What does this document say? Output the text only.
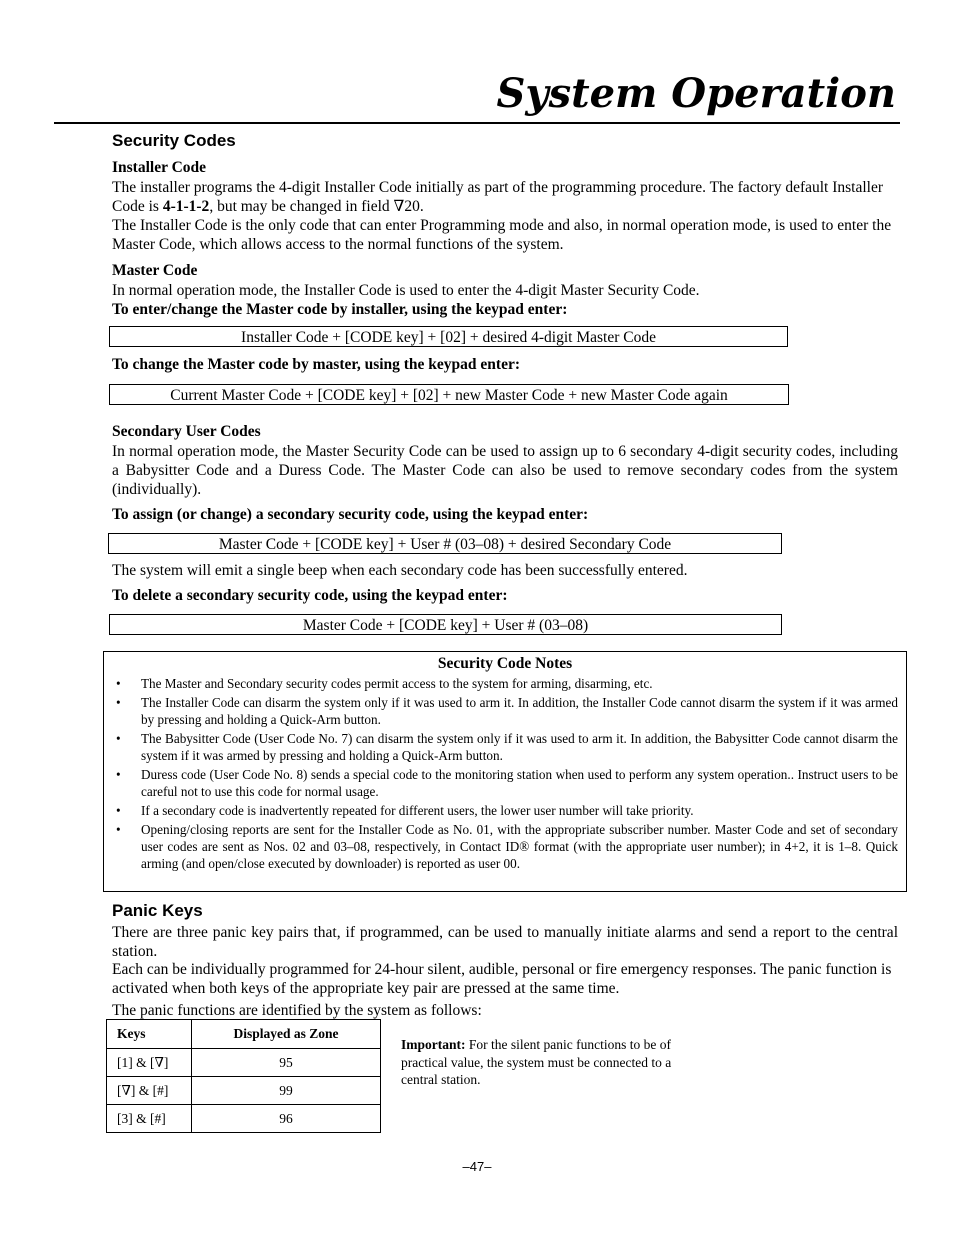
System Operation
Security Codes
Installer Code
The installer programs the 4-digit Installer Code initially as part of the programming procedure. The factory default Installer Code is 4-1-1-2, but may be changed in field ∇20.
The Installer Code is the only code that can enter Programming mode and also, in normal operation mode, is used to enter the Master Code, which allows access to the normal functions of the system.
Master Code
In normal operation mode, the Installer Code is used to enter the 4-digit Master Security Code.
To enter/change the Master code by installer, using the keypad enter:
Installer Code + [CODE key] + [02] + desired 4-digit Master Code
To change the Master code by master, using the keypad enter:
Current Master Code + [CODE key] + [02] + new Master Code + new Master Code again
Secondary User Codes
In normal operation mode, the Master Security Code can be used to assign up to 6 secondary 4-digit security codes, including a Babysitter Code and a Duress Code. The Master Code can also be used to remove secondary codes from the system (individually).
To assign (or change) a secondary security code, using the keypad enter:
Master Code + [CODE key] + User # (03–08) + desired Secondary Code
The system will emit a single beep when each secondary code has been successfully entered.
To delete a secondary security code, using the keypad enter:
Master Code + [CODE key] + User # (03–08)
Security Code Notes
• The Master and Secondary security codes permit access to the system for arming, disarming, etc.
• The Installer Code can disarm the system only if it was used to arm it. In addition, the Installer Code cannot disarm the system if it was armed by pressing and holding a Quick-Arm button.
• The Babysitter Code (User Code No. 7) can disarm the system only if it was used to arm it. In addition, the Babysitter Code cannot disarm the system if it was armed by pressing and holding a Quick-Arm button.
• Duress code (User Code No. 8) sends a special code to the monitoring station when used to perform any system operation.. Instruct users to be careful not to use this code for normal usage.
• If a secondary code is inadvertently repeated for different users, the lower user number will take priority.
• Opening/closing reports are sent for the Installer Code as No. 01, with the appropriate subscriber number. Master Code and set of secondary user codes are sent as Nos. 02 and 03–08, respectively, in Contact ID® format (with the appropriate user number); in 4+2, it is 1–8. Quick arming (and open/close executed by downloader) is reported as user 00.
Panic Keys
There are three panic key pairs that, if programmed, can be used to manually initiate alarms and send a report to the central station.
Each can be individually programmed for 24-hour silent, audible, personal or fire emergency responses. The panic function is activated when both keys of the appropriate key pair are pressed at the same time.
The panic functions are identified by the system as follows:
Keys	Displayed as Zone
[1] & [∇]	95
[∇] & [#]	99
[3] & [#]	96
Important: For the silent panic functions to be of practical value, the system must be connected to a central station.
–47–
